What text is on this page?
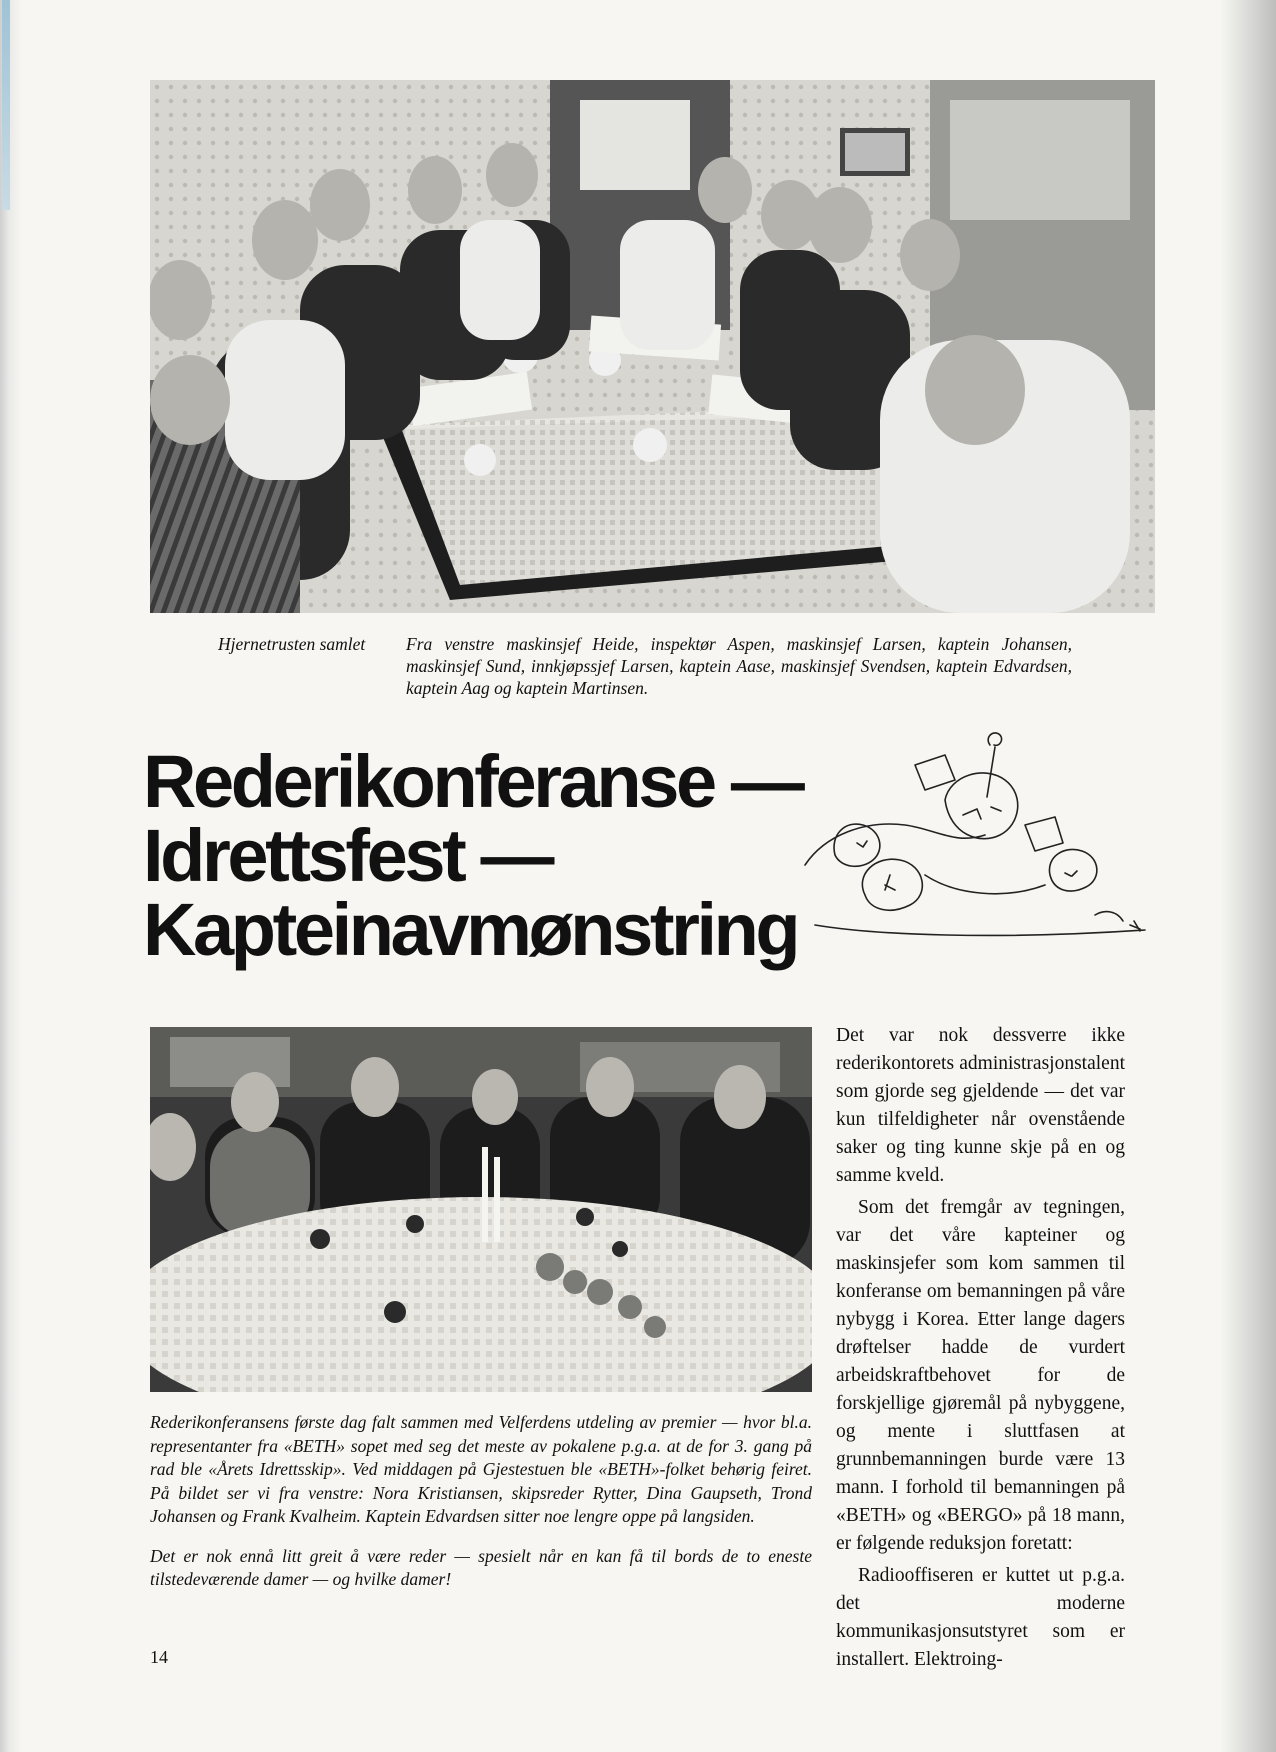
Hjernetrusten samlet	Fra venstre maskinsjef Heide, inspektør Aspen, maskinsjef Larsen, kaptein Johansen, maskinsjef Sund, innkjøpssjef Larsen, kaptein Aase, maskinsjef Svendsen, kaptein Edvardsen, kaptein Aag og kaptein Martinsen.
Rederikonferanse —
Idrettsfest —
Kapteinavmønstring

Rederikonferansens første dag falt sammen med Velferdens utdeling av premier — hvor bl.a. representanter fra «BETH» sopet med seg det meste av pokalene p.g.a. at de for 3. gang på rad ble «Årets Idrettsskip». Ved middagen på Gjestestuen ble «BETH»-folket behørig feiret. På bildet ser vi fra venstre: Nora Kristiansen, skipsreder Rytter, Dina Gaupseth, Trond Johansen og Frank Kvalheim. Kaptein Edvardsen sitter noe lengre oppe på langsiden.

Det er nok ennå litt greit å være reder — spesielt når en kan få til bords de to eneste tilstedeværende damer — og hvilke damer!

Det var nok dessverre ikke rederikontorets administrasjonstalent som gjorde seg gjeldende — det var kun tilfeldigheter når ovenstående saker og ting kunne skje på en og samme kveld.

Som det fremgår av tegningen, var det våre kapteiner og maskinsjefer som kom sammen til konferanse om bemanningen på våre nybygg i Korea. Etter lange dagers drøftelser hadde de vurdert arbeidskraftbehovet for de forskjellige gjøremål på nybyggene, og mente i sluttfasen at grunnbemanningen burde være 13 mann. I forhold til bemanningen på «BETH» og «BERGO» på 18 mann, er følgende reduksjon foretatt:

Radiooffiseren er kuttet ut p.g.a. det moderne kommunikasjonsutstyret som er installert. Elektroing-

14
